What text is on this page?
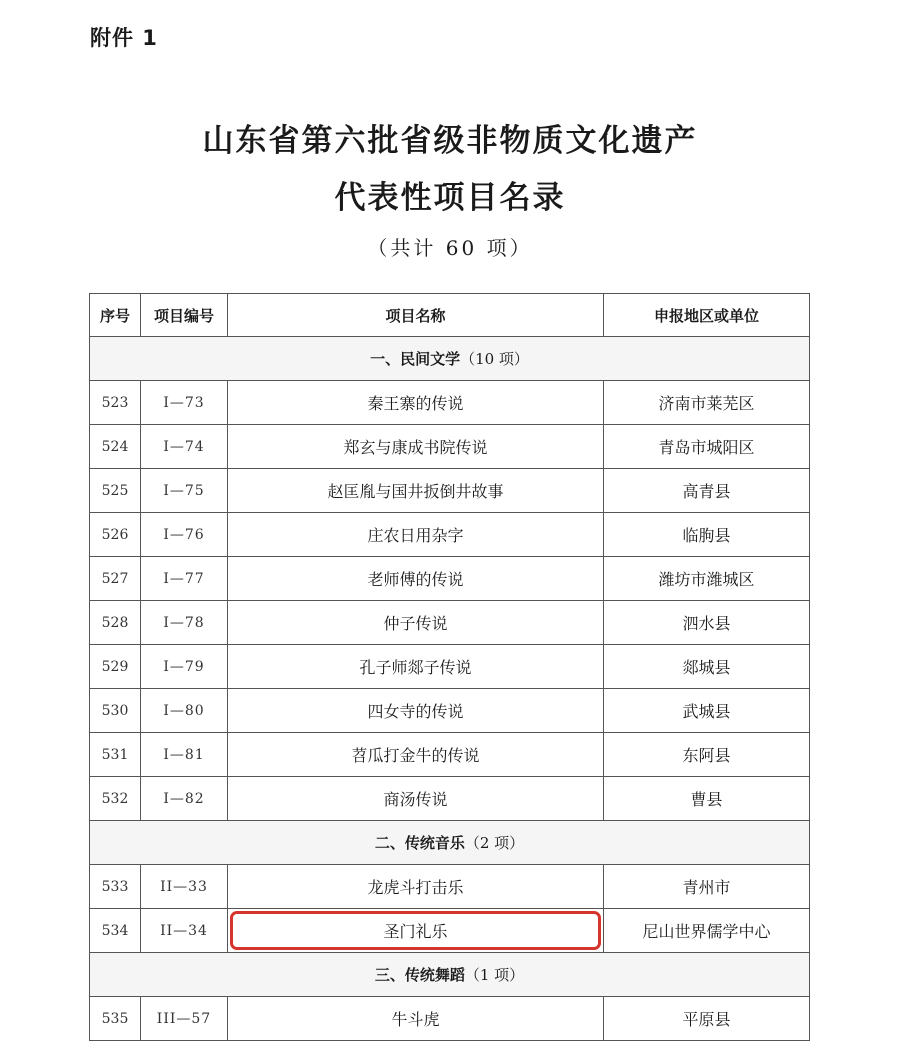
附件 1
山东省第六批省级非物质文化遗产
代表性项目名录
（共计 60 项）
序号	项目编号	项目名称	申报地区或单位
一、民间文学（10 项）			
523	I—73	秦王寨的传说	济南市莱芜区
524	I—74	郑玄与康成书院传说	青岛市城阳区
525	I—75	赵匡胤与国井扳倒井故事	高青县
526	I—76	庄农日用杂字	临朐县
527	I—77	老师傅的传说	潍坊市潍城区
528	I—78	仲子传说	泗水县
529	I—79	孔子师郯子传说	郯城县
530	I—80	四女寺的传说	武城县
531	I—81	苕瓜打金牛的传说	东阿县
532	I—82	商汤传说	曹县
二、传统音乐（2 项）			
533	II—33	龙虎斗打击乐	青州市
534	II—34	圣门礼乐	尼山世界儒学中心
三、传统舞蹈（1 项）			
535	III—57	牛斗虎	平原县
